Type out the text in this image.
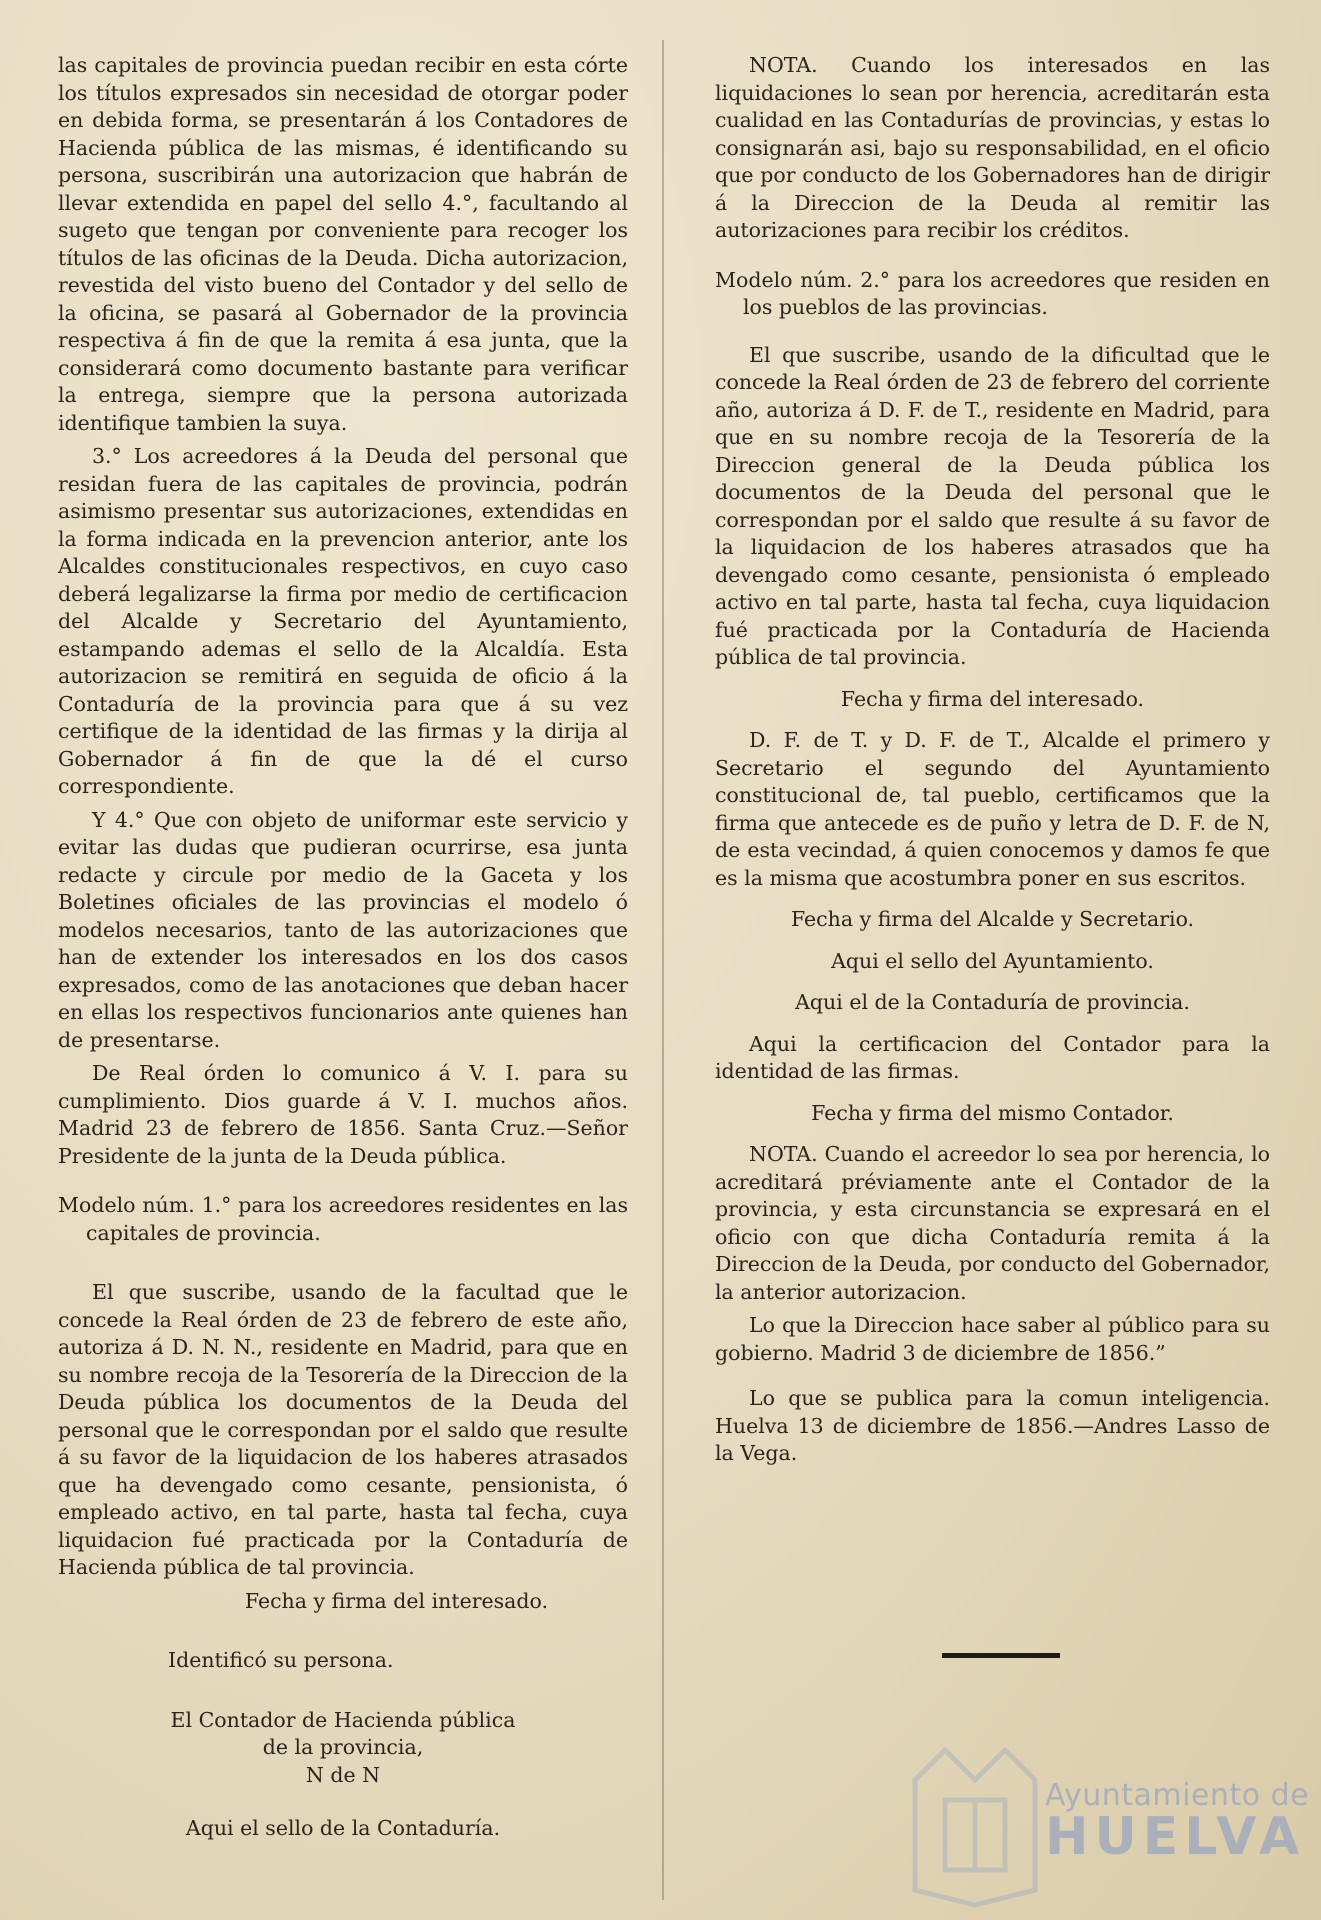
las capitales de provincia puedan recibir en esta córte los títulos expresados sin necesidad de otorgar poder en debida forma, se presentarán á los Contadores de Hacienda pública de las mismas, é identificando su persona, suscribirán una autorizacion que habrán de llevar extendida en papel del sello 4.°, facultando al sugeto que tengan por conveniente para recoger los títulos de las oficinas de la Deuda. Dicha autorizacion, revestida del visto bueno del Contador y del sello de la oficina, se pasará al Gobernador de la provincia respectiva á fin de que la remita á esa junta, que la considerará como documento bastante para verificar la entrega, siempre que la persona autorizada identifique tambien la suya.

3.° Los acreedores á la Deuda del personal que residan fuera de las capitales de provincia, podrán asimismo presentar sus autorizaciones, extendidas en la forma indicada en la prevencion anterior, ante los Alcaldes constitucionales respectivos, en cuyo caso deberá legalizarse la firma por medio de certificacion del Alcalde y Secretario del Ayuntamiento, estampando ademas el sello de la Alcaldía. Esta autorizacion se remitirá en seguida de oficio á la Contaduría de la provincia para que á su vez certifique de la identidad de las firmas y la dirija al Gobernador á fin de que la dé el curso correspondiente.

Y 4.° Que con objeto de uniformar este servicio y evitar las dudas que pudieran ocurrirse, esa junta redacte y circule por medio de la Gaceta y los Boletines oficiales de las provincias el modelo ó modelos necesarios, tanto de las autorizaciones que han de extender los interesados en los dos casos expresados, como de las anotaciones que deban hacer en ellas los respectivos funcionarios ante quienes han de presentarse.

De Real órden lo comunico á V. I. para su cumplimiento. Dios guarde á V. I. muchos años. Madrid 23 de febrero de 1856. Santa Cruz.—Señor Presidente de la junta de la Deuda pública.

Modelo núm. 1.° para los acreedores residentes en las capitales de provincia.

El que suscribe, usando de la facultad que le concede la Real órden de 23 de febrero de este año, autoriza á D. N. N., residente en Madrid, para que en su nombre recoja de la Tesorería de la Direccion de la Deuda pública los documentos de la Deuda del personal que le correspondan por el saldo que resulte á su favor de la liquidacion de los haberes atrasados que ha devengado como cesante, pensionista, ó empleado activo, en tal parte, hasta tal fecha, cuya liquidacion fué practicada por la Contaduría de Hacienda pública de tal provincia.

Fecha y firma del interesado.

Identificó su persona.

El Contador de Hacienda pública

de la provincia,

N de N

Aqui el sello de la Contaduría.

NOTA. Cuando los interesados en las liquidaciones lo sean por herencia, acreditarán esta cualidad en las Contadurías de provincias, y estas lo consignarán asi, bajo su responsabilidad, en el oficio que por conducto de los Gobernadores han de dirigir á la Direccion de la Deuda al remitir las autorizaciones para recibir los créditos.

Modelo núm. 2.° para los acreedores que residen en los pueblos de las provincias.

El que suscribe, usando de la dificultad que le concede la Real órden de 23 de febrero del corriente año, autoriza á D. F. de T., residente en Madrid, para que en su nombre recoja de la Tesorería de la Direccion general de la Deuda pública los documentos de la Deuda del personal que le correspondan por el saldo que resulte á su favor de la liquidacion de los haberes atrasados que ha devengado como cesante, pensionista ó empleado activo en tal parte, hasta tal fecha, cuya liquidacion fué practicada por la Contaduría de Hacienda pública de tal provincia.

Fecha y firma del interesado.

D. F. de T. y D. F. de T., Alcalde el primero y Secretario el segundo del Ayuntamiento constitucional de, tal pueblo, certificamos que la firma que antecede es de puño y letra de D. F. de N, de esta vecindad, á quien conocemos y damos fe que es la misma que acostumbra poner en sus escritos.

Fecha y firma del Alcalde y Secretario.

Aqui el sello del Ayuntamiento.

Aqui el de la Contaduría de provincia.

Aqui la certificacion del Contador para la identidad de las firmas.

Fecha y firma del mismo Contador.

NOTA. Cuando el acreedor lo sea por herencia, lo acreditará préviamente ante el Contador de la provincia, y esta circunstancia se expresará en el oficio con que dicha Contaduría remita á la Direccion de la Deuda, por conducto del Gobernador, la anterior autorizacion.

Lo que la Direccion hace saber al público para su gobierno. Madrid 3 de diciembre de 1856.”

Lo que se publica para la comun inteligencia. Huelva 13 de diciembre de 1856.—Andres Lasso de la Vega.

Ayuntamiento de
HUELVA
